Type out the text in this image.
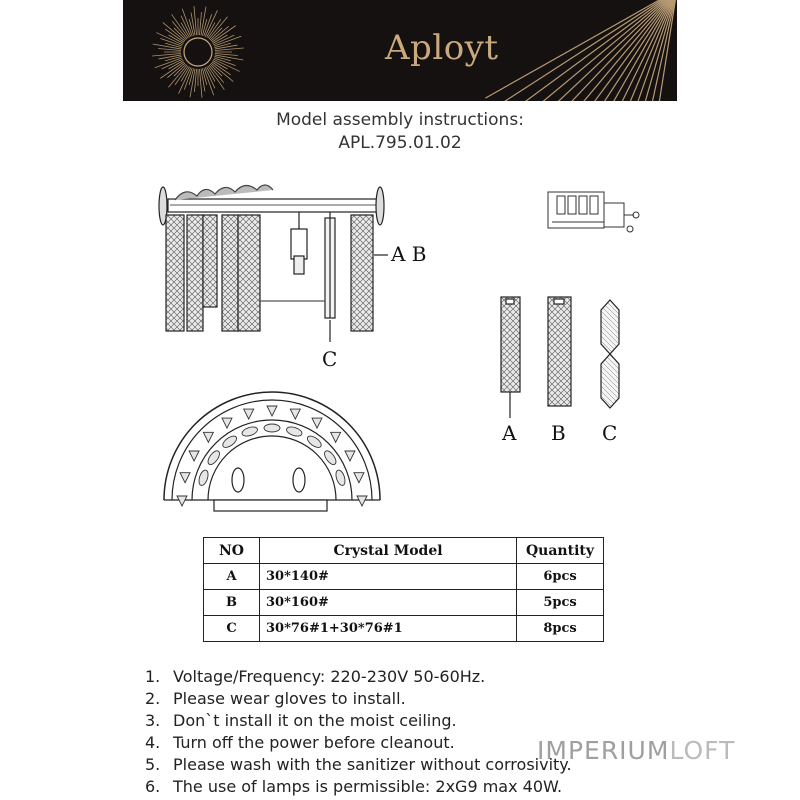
Aployt
Model assembly instructions:
APL.795.01.02
A B
C
A B C
NO	Crystal Model	Quantity
A	30*140#	6pcs
B	30*160#	5pcs
C	30*76#1+30*76#1	8pcs
1. Voltage/Frequency: 220-230V 50-60Hz.
2. Please wear gloves to install.
3. Don`t install it on the moist ceiling.
4. Turn off the power before cleanout.
5. Please wash with the sanitizer without corrosivity.
6. The use of lamps is permissible: 2xG9 max 40W.
IMPERIUMLOFT
